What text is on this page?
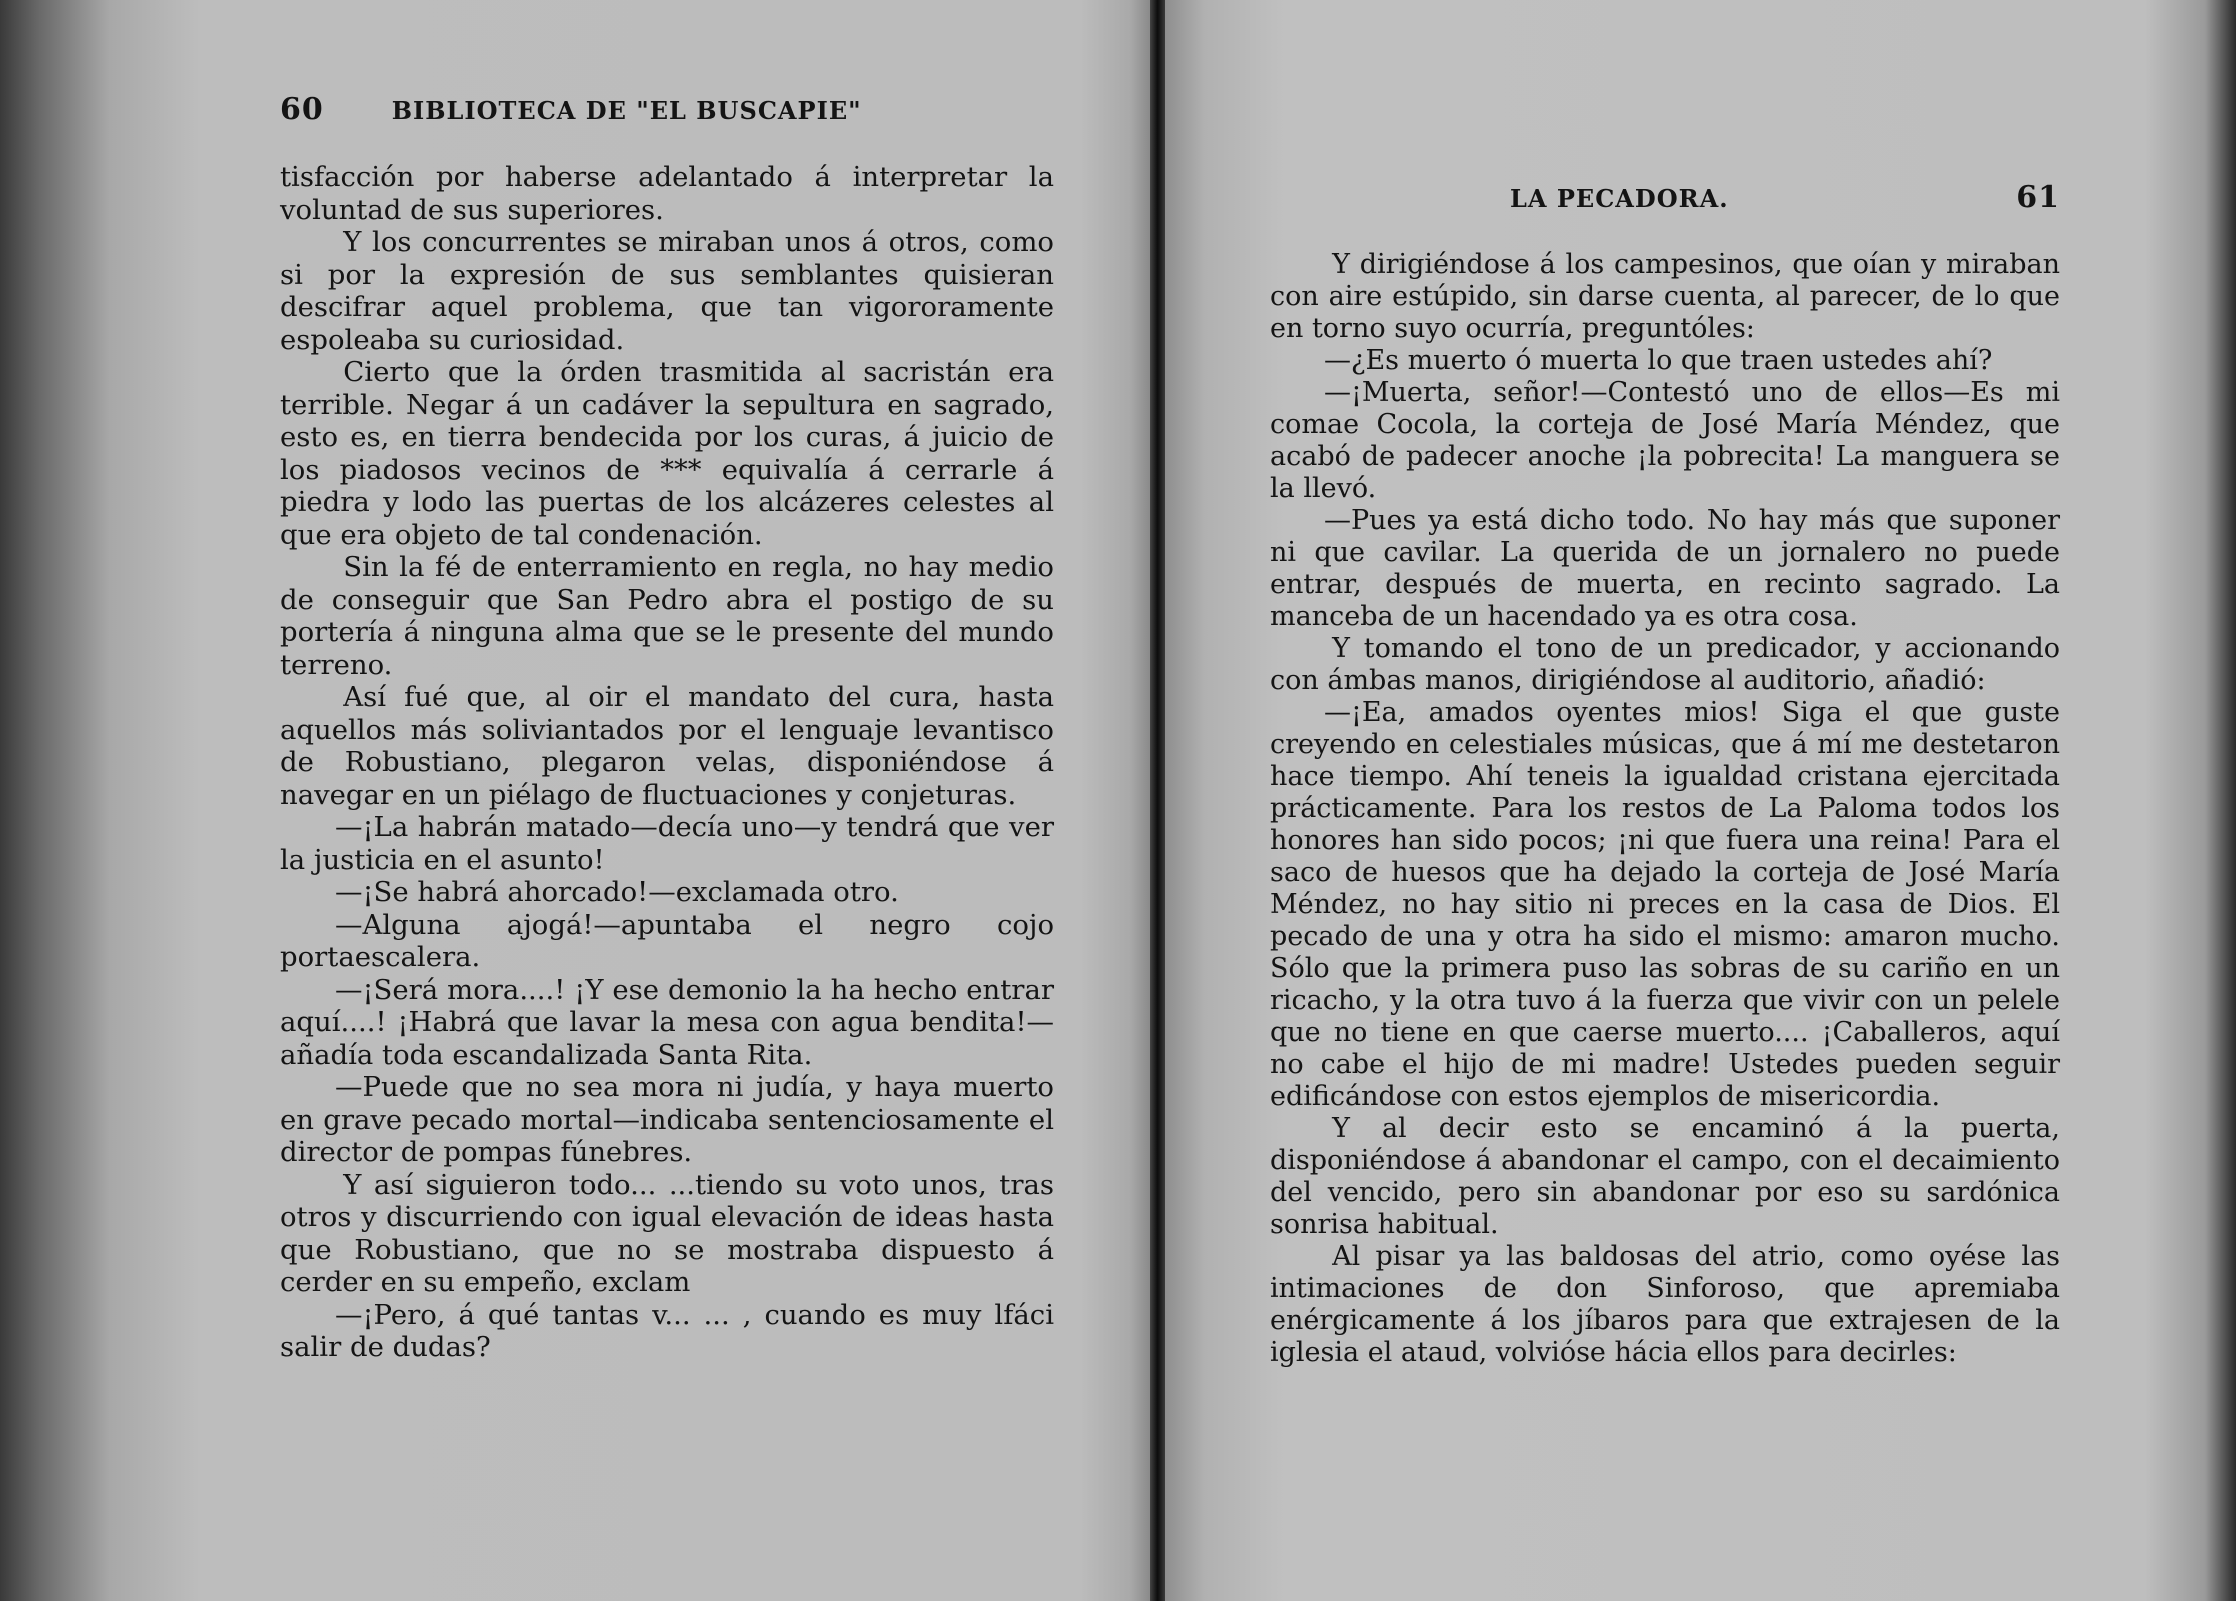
60	BIBLIOTECA DE "EL BUSCAPIE"

tisfacción por haberse adelantado á interpretar la voluntad de sus superiores.

Y los concurrentes se miraban unos á otros, como si por la expresión de sus semblantes quisieran descifrar aquel problema, que tan vigororamente espoleaba su curiosidad.

Cierto que la órden trasmitida al sacristán era terrible. Negar á un cadáver la sepultura en sagrado, esto es, en tierra bendecida por los curas, á juicio de los piadosos vecinos de *** equivalía á cerrarle á piedra y lodo las puertas de los alcázeres celestes al que era objeto de tal condenación.

Sin la fé de enterramiento en regla, no hay medio de conseguir que San Pedro abra el postigo de su portería á ninguna alma que se le presente del mundo terreno.

Así fué que, al oir el mandato del cura, hasta aquellos más soliviantados por el lenguaje levantisco de Robustiano, plegaron velas, disponiéndose á navegar en un piélago de fluctuaciones y conjeturas.

—¡La habrán matado—decía uno—y tendrá que ver la justicia en el asunto!

—¡Se habrá ahorcado!—exclamada otro.

—Alguna ajogá!—apuntaba el negro cojo portaescalera.

—¡Será mora....! ¡Y ese demonio la ha hecho entrar aquí....! ¡Habrá que lavar la mesa con agua bendita!—añadía toda escandalizada Santa Rita.

—Puede que no sea mora ni judía, y haya muerto en grave pecado mortal—indicaba sentenciosamente el director de pompas fúnebres.

Y así siguieron todo... ...tiendo su voto unos, tras otros y discurriendo con igual elevación de ideas hasta que Robustiano, que no se mostraba dispuesto á cerder en su empeño, exclam

—¡Pero, á qué tantas v... ... , cuando es muy lfáci salir de dudas?

LA PECADORA.	61

Y dirigiéndose á los campesinos, que oían y miraban con aire estúpido, sin darse cuenta, al parecer, de lo que en torno suyo ocurría, preguntóles:

—¿Es muerto ó muerta lo que traen ustedes ahí?

—¡Muerta, señor!—Contestó uno de ellos—Es mi comae Cocola, la corteja de José María Méndez, que acabó de padecer anoche ¡la pobrecita! La manguera se la llevó.

—Pues ya está dicho todo. No hay más que suponer ni que cavilar. La querida de un jornalero no puede entrar, después de muerta, en recinto sagrado. La manceba de un hacendado ya es otra cosa.

Y tomando el tono de un predicador, y accionando con ámbas manos, dirigiéndose al auditorio, añadió:

—¡Ea, amados oyentes mios! Siga el que guste creyendo en celestiales músicas, que á mí me destetaron hace tiempo. Ahí teneis la igualdad cristana ejercitada prácticamente. Para los restos de La Paloma todos los honores han sido pocos; ¡ni que fuera una reina! Para el saco de huesos que ha dejado la corteja de José María Méndez, no hay sitio ni preces en la casa de Dios. El pecado de una y otra ha sido el mismo: amaron mucho. Sólo que la primera puso las sobras de su cariño en un ricacho, y la otra tuvo á la fuerza que vivir con un pelele que no tiene en que caerse muerto.... ¡Caballeros, aquí no cabe el hijo de mi madre! Ustedes pueden seguir edificándose con estos ejemplos de misericordia.

Y al decir esto se encaminó á la puerta, disponiéndose á abandonar el campo, con el decaimiento del vencido, pero sin abandonar por eso su sardónica sonrisa habitual.

Al pisar ya las baldosas del atrio, como oyése las intimaciones de don Sinforoso, que apremiaba enérgicamente á los jíbaros para que extrajesen de la iglesia el ataud, volvióse hácia ellos para decirles:
